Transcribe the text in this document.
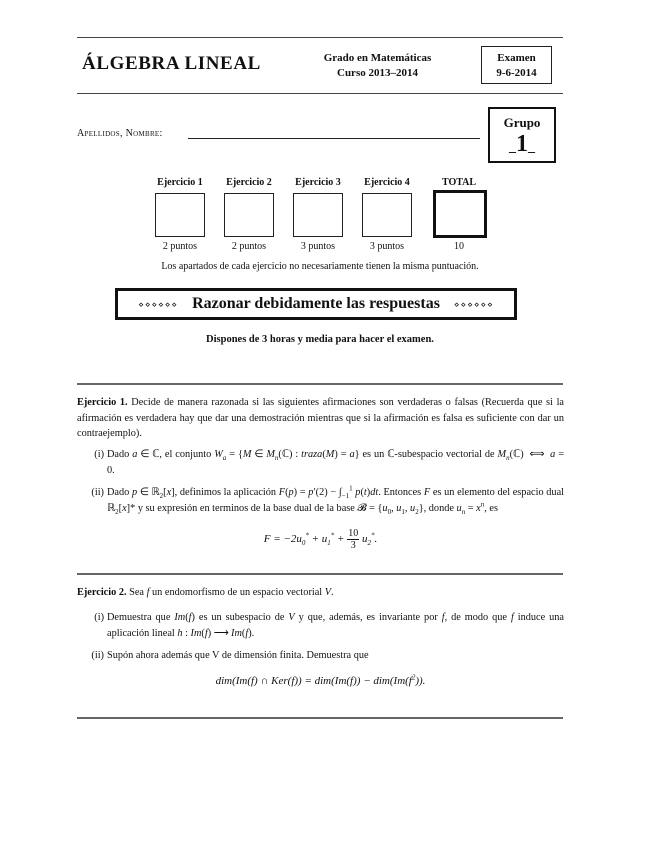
ÁLGEBRA LINEAL	Grado en Matemáticas
Curso 2013–2014
Examen
9-6-2014
Grupo
_1_
Apellidos, Nombre:
Ejercicio 1	Ejercicio 2	Ejercicio 3	Ejercicio 4	TOTAL
2 puntos	2 puntos	3 puntos	3 puntos	10
Los apartados de cada ejercicio no necesariamente tienen la misma puntuación.
⋄⋄⋄⋄⋄⋄ Razonar debidamente las respuestas ⋄⋄⋄⋄⋄⋄
Dispones de 3 horas y media para hacer el examen.
Ejercicio 1. Decide de manera razonada si las siguientes afirmaciones son verdaderas o falsas (Recuerda que si la afirmación es verdadera hay que dar una demostración mientras que si la afirmación es falsa es suficiente con dar un contraejemplo).
(i) Dado a ∈ ℂ, el conjunto $W_a = \{M$ ∈ $M_n(ℂ)$ : traza(M) = a} es un ℂ-subespacio vectorial de $M_n(ℂ)$  ⟺  a = 0.
(ii) Dado p ∈ ℝ$_2$[x], definimos la aplicación $F(p) = p'(2) - \int_{-1}^1$ p(t)dt. Entonces F es un elemento del espacio dual ℝ$_2$[x]* y su expresión en terminos de la base dual de la base 𝓑 = {$u_0$, $u_1$, $u_2$}, donde $u_n = x^n$, es
$F = -2u_0^* + u_1^* + \frac{10}{3} u_2^*$.
Ejercicio 2. Sea f un endomorfismo de un espacio vectorial V.
(i) Demuestra que Im(f) es un subespacio de V y que, además, es invariante por f, de modo que f induce una aplicación lineal h : Im(f) ⟶ Im(f).
(ii) Supón ahora además que V de dimensión finita. Demuestra que
dim(Im(f) ∩ $Ker(f)) = dim(Im(f)) - dim(Im(f^2))$.
